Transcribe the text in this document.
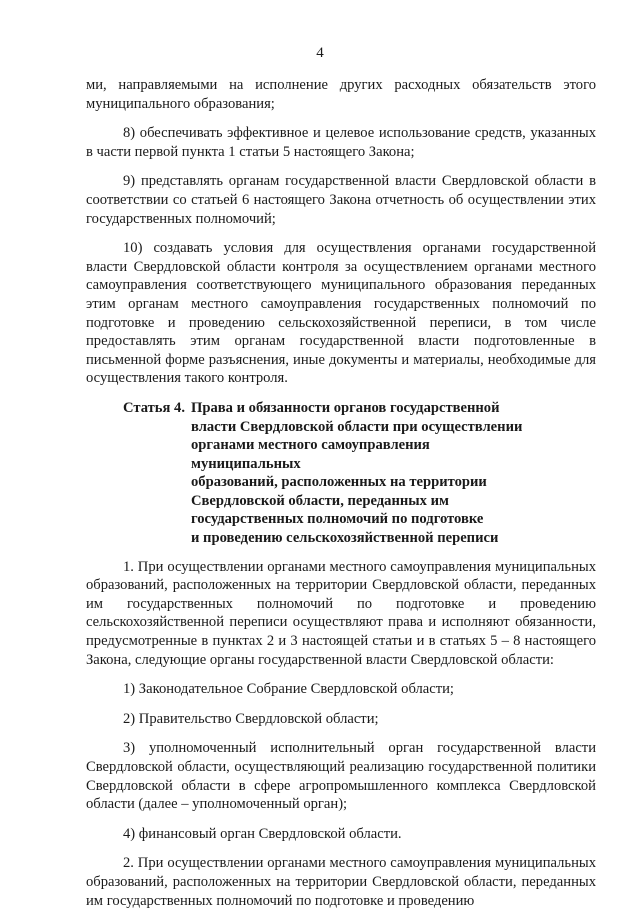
4

ми, направляемыми на исполнение других расходных обязательств этого муниципального образования;

8) обеспечивать эффективное и целевое использование средств, указанных в части первой пункта 1 статьи 5 настоящего Закона;

9) представлять органам государственной власти Свердловской области в соответствии со статьей 6 настоящего Закона отчетность об осуществлении этих государственных полномочий;

10) создавать условия для осуществления органами государственной власти Свердловской области контроля за осуществлением органами местного самоуправления соответствующего муниципального образования переданных этим органам местного самоуправления государственных полномочий по подготовке и проведению сельскохозяйственной переписи, в том числе предоставлять этим органам государственной власти подготовленные в письменной форме разъяснения, иные документы и материалы, необходимые для осуществления такого контроля.

Статья 4. Права и обязанности органов государственной
власти Свердловской области при осуществлении
органами местного самоуправления муниципальных
образований, расположенных на территории
Свердловской области, переданных им
государственных полномочий по подготовке
и проведению сельскохозяйственной переписи

1. При осуществлении органами местного самоуправления муниципальных образований, расположенных на территории Свердловской области, переданных им государственных полномочий по подготовке и проведению сельскохозяйственной переписи осуществляют права и исполняют обязанности, предусмотренные в пунктах 2 и 3 настоящей статьи и в статьях 5 – 8 настоящего Закона, следующие органы государственной власти Свердловской области:

1) Законодательное Собрание Свердловской области;

2) Правительство Свердловской области;

3) уполномоченный исполнительный орган государственной власти Свердловской области, осуществляющий реализацию государственной политики Свердловской области в сфере агропромышленного комплекса Свердловской области (далее – уполномоченный орган);

4) финансовый орган Свердловской области.

2. При осуществлении органами местного самоуправления муниципальных образований, расположенных на территории Свердловской области, переданных им государственных полномочий по подготовке и проведению
